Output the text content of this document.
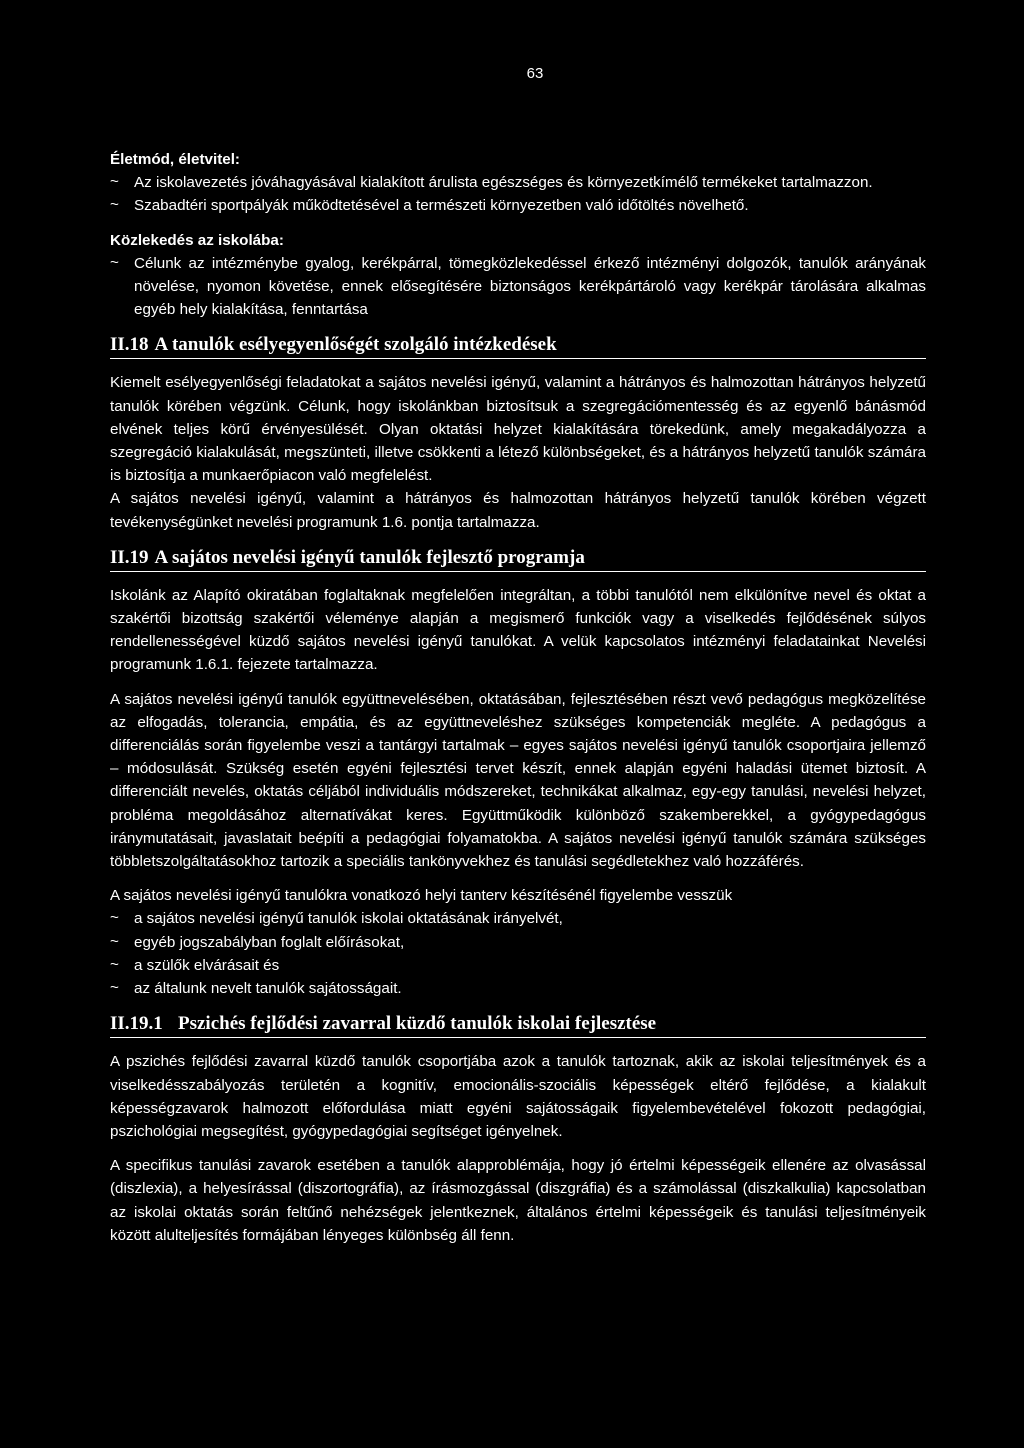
63

Életmód, életvitel:

~ Az iskolavezetés jóváhagyásával kialakított árulista egészséges és környezetkímélő termékeket tartalmazzon.
~ Szabadtéri sportpályák működtetésével a természeti környezetben való időtöltés növelhető.

Közlekedés az iskolába:

~ Célunk az intézménybe gyalog, kerékpárral, tömegközlekedéssel érkező intézményi dolgozók, tanulók arányának növelése, nyomon követése, ennek elősegítésére biztonságos kerékpártároló vagy kerékpár tárolására alkalmas egyéb hely kialakítása, fenntartása
II.18 A tanulók esélyegyenlőségét szolgáló intézkedések

Kiemelt esélyegyenlőségi feladatokat a sajátos nevelési igényű, valamint a hátrányos és halmozottan hátrányos helyzetű tanulók körében végzünk. Célunk, hogy iskolánkban biztosítsuk a szegregációmentesség és az egyenlő bánásmód elvének teljes körű érvényesülését. Olyan oktatási helyzet kialakítására törekedünk, amely megakadályozza a szegregáció kialakulását, megszünteti, illetve csökkenti a létező különbségeket, és a hátrányos helyzetű tanulók számára is biztosítja a munkaerőpiacon való megfelelést.

A sajátos nevelési igényű, valamint a hátrányos és halmozottan hátrányos helyzetű tanulók körében végzett tevékenységünket nevelési programunk 1.6. pontja tartalmazza.

II.19 A sajátos nevelési igényű tanulók fejlesztő programja

Iskolánk az Alapító okiratában foglaltaknak megfelelően integráltan, a többi tanulótól nem elkülönítve nevel és oktat a szakértői bizottság szakértői véleménye alapján a megismerő funkciók vagy a viselkedés fejlődésének súlyos rendellenességével küzdő sajátos nevelési igényű tanulókat. A velük kapcsolatos intézményi feladatainkat Nevelési programunk 1.6.1. fejezete tartalmazza.

A sajátos nevelési igényű tanulók együttnevelésében, oktatásában, fejlesztésében részt vevő pedagógus megközelítése az elfogadás, tolerancia, empátia, és az együttneveléshez szükséges kompetenciák megléte. A pedagógus a differenciálás során figyelembe veszi a tantárgyi tartalmak – egyes sajátos nevelési igényű tanulók csoportjaira jellemző – módosulását. Szükség esetén egyéni fejlesztési tervet készít, ennek alapján egyéni haladási ütemet biztosít. A differenciált nevelés, oktatás céljából individuális módszereket, technikákat alkalmaz, egy-egy tanulási, nevelési helyzet, probléma megoldásához alternatívákat keres. Együttműködik különböző szakemberekkel, a gyógypedagógus iránymutatásait, javaslatait beépíti a pedagógiai folyamatokba. A sajátos nevelési igényű tanulók számára szükséges többletszolgáltatásokhoz tartozik a speciális tankönyvekhez és tanulási segédletekhez való hozzáférés.

A sajátos nevelési igényű tanulókra vonatkozó helyi tanterv készítésénél figyelembe vesszük

~ a sajátos nevelési igényű tanulók iskolai oktatásának irányelvét,
~ egyéb jogszabályban foglalt előírásokat,
~ a szülők elvárásait és
~ az általunk nevelt tanulók sajátosságait.
II.19.1 Pszichés fejlődési zavarral küzdő tanulók iskolai fejlesztése

A pszichés fejlődési zavarral küzdő tanulók csoportjába azok a tanulók tartoznak, akik az iskolai teljesítmények és a viselkedésszabályozás területén a kognitív, emocionális-szociális képességek eltérő fejlődése, a kialakult képességzavarok halmozott előfordulása miatt egyéni sajátosságaik figyelembevételével fokozott pedagógiai, pszichológiai megsegítést, gyógypedagógiai segítséget igényelnek.

A specifikus tanulási zavarok esetében a tanulók alapproblémája, hogy jó értelmi képességeik ellenére az olvasással (diszlexia), a helyesírással (diszortográfia), az írásmozgással (diszgráfia) és a számolással (diszkalkulia) kapcsolatban az iskolai oktatás során feltűnő nehézségek jelentkeznek, általános értelmi képességeik és tanulási teljesítményeik között alulteljesítés formájában lényeges különbség áll fenn.
